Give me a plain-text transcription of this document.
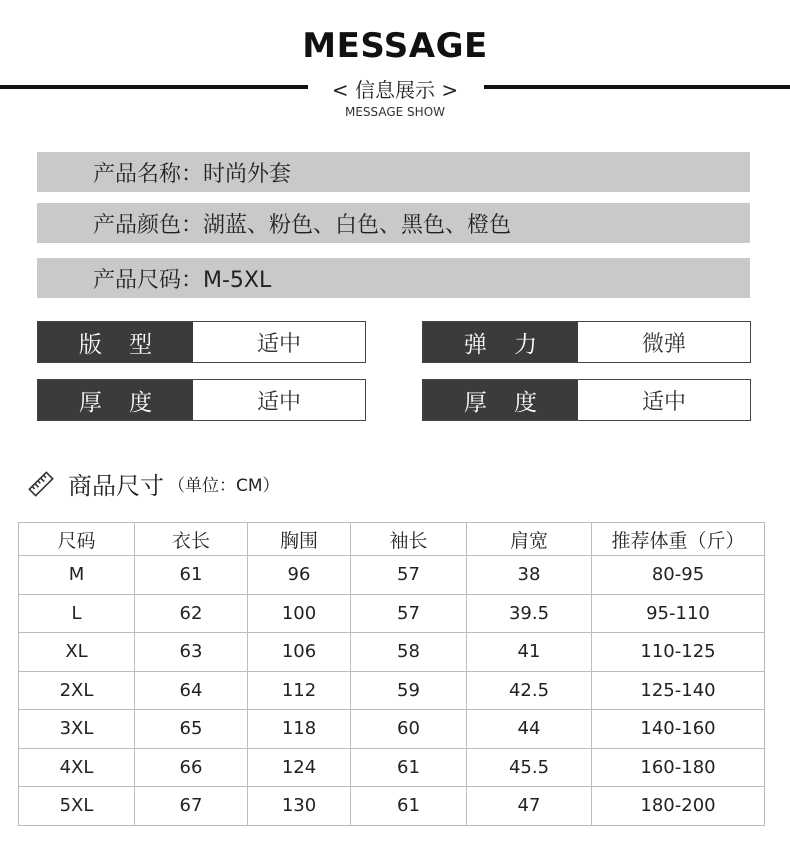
MESSAGE
< 信息展示 >
MESSAGE SHOW
产品名称：时尚外套
产品颜色：湖蓝、粉色、白色、黑色、橙色
产品尺码：M-5XL
版 型	适中	弹 力	微弹
厚 度	适中	厚 度	适中
商品尺寸 （单位：CM）
尺码	衣长	胸围	袖长	肩宽	推荐体重（斤）
M	61	96	57	38	80-95
L	62	100	57	39.5	95-110
XL	63	106	58	41	110-125
2XL	64	112	59	42.5	125-140
3XL	65	118	60	44	140-160
4XL	66	124	61	45.5	160-180
5XL	67	130	61	47	180-200
